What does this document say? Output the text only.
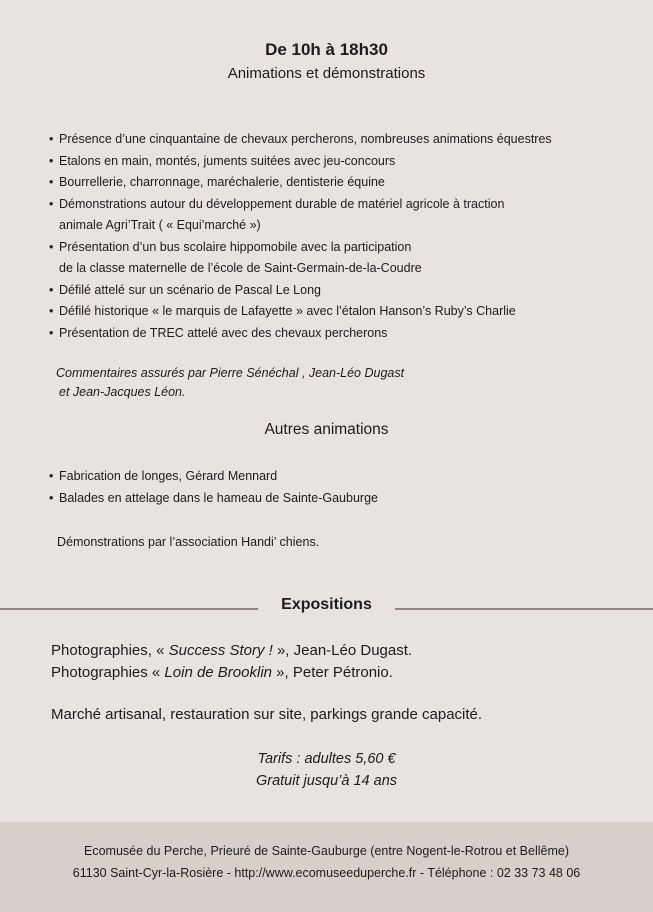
De 10h à 18h30
Animations et démonstrations
• Présence d’une cinquantaine de chevaux percherons, nombreuses animations équestres
• Etalons en main, montés, juments suitées avec jeu-concours
• Bourrellerie, charronnage, maréchalerie, dentisterie équine
• Démonstrations autour du développement durable de matériel agricole à traction
animale Agri’Trait ( « Equi’marché »)
• Présentation d’un bus scolaire hippomobile avec la participation
de la classe maternelle de l’école de Saint-Germain-de-la-Coudre
• Défilé attelé sur un scénario de Pascal Le Long
• Défilé historique « le marquis de Lafayette » avec l’étalon Hanson’s Ruby’s Charlie
• Présentation de TREC attelé avec des chevaux percherons
Commentaires assurés par Pierre Sénéchal , Jean-Léo Dugast
et Jean-Jacques Léon.
Autres animations
• Fabrication de longes, Gérard Mennard
• Balades en attelage dans le hameau de Sainte-Gauburge
Démonstrations par l’association Handi’ chiens.
Expositions
Photographies, « Success Story ! », Jean-Léo Dugast.
Photographies « Loin de Brooklin », Peter Pétronio.
Marché artisanal, restauration sur site, parkings grande capacité.
Tarifs : adultes 5,60 €
Gratuit jusqu’à 14 ans
Ecomusée du Perche, Prieuré de Sainte-Gauburge (entre Nogent-le-Rotrou et Bellême)
61130 Saint-Cyr-la-Rosière - http://www.ecomuseeduperche.fr - Téléphone : 02 33 73 48 06
